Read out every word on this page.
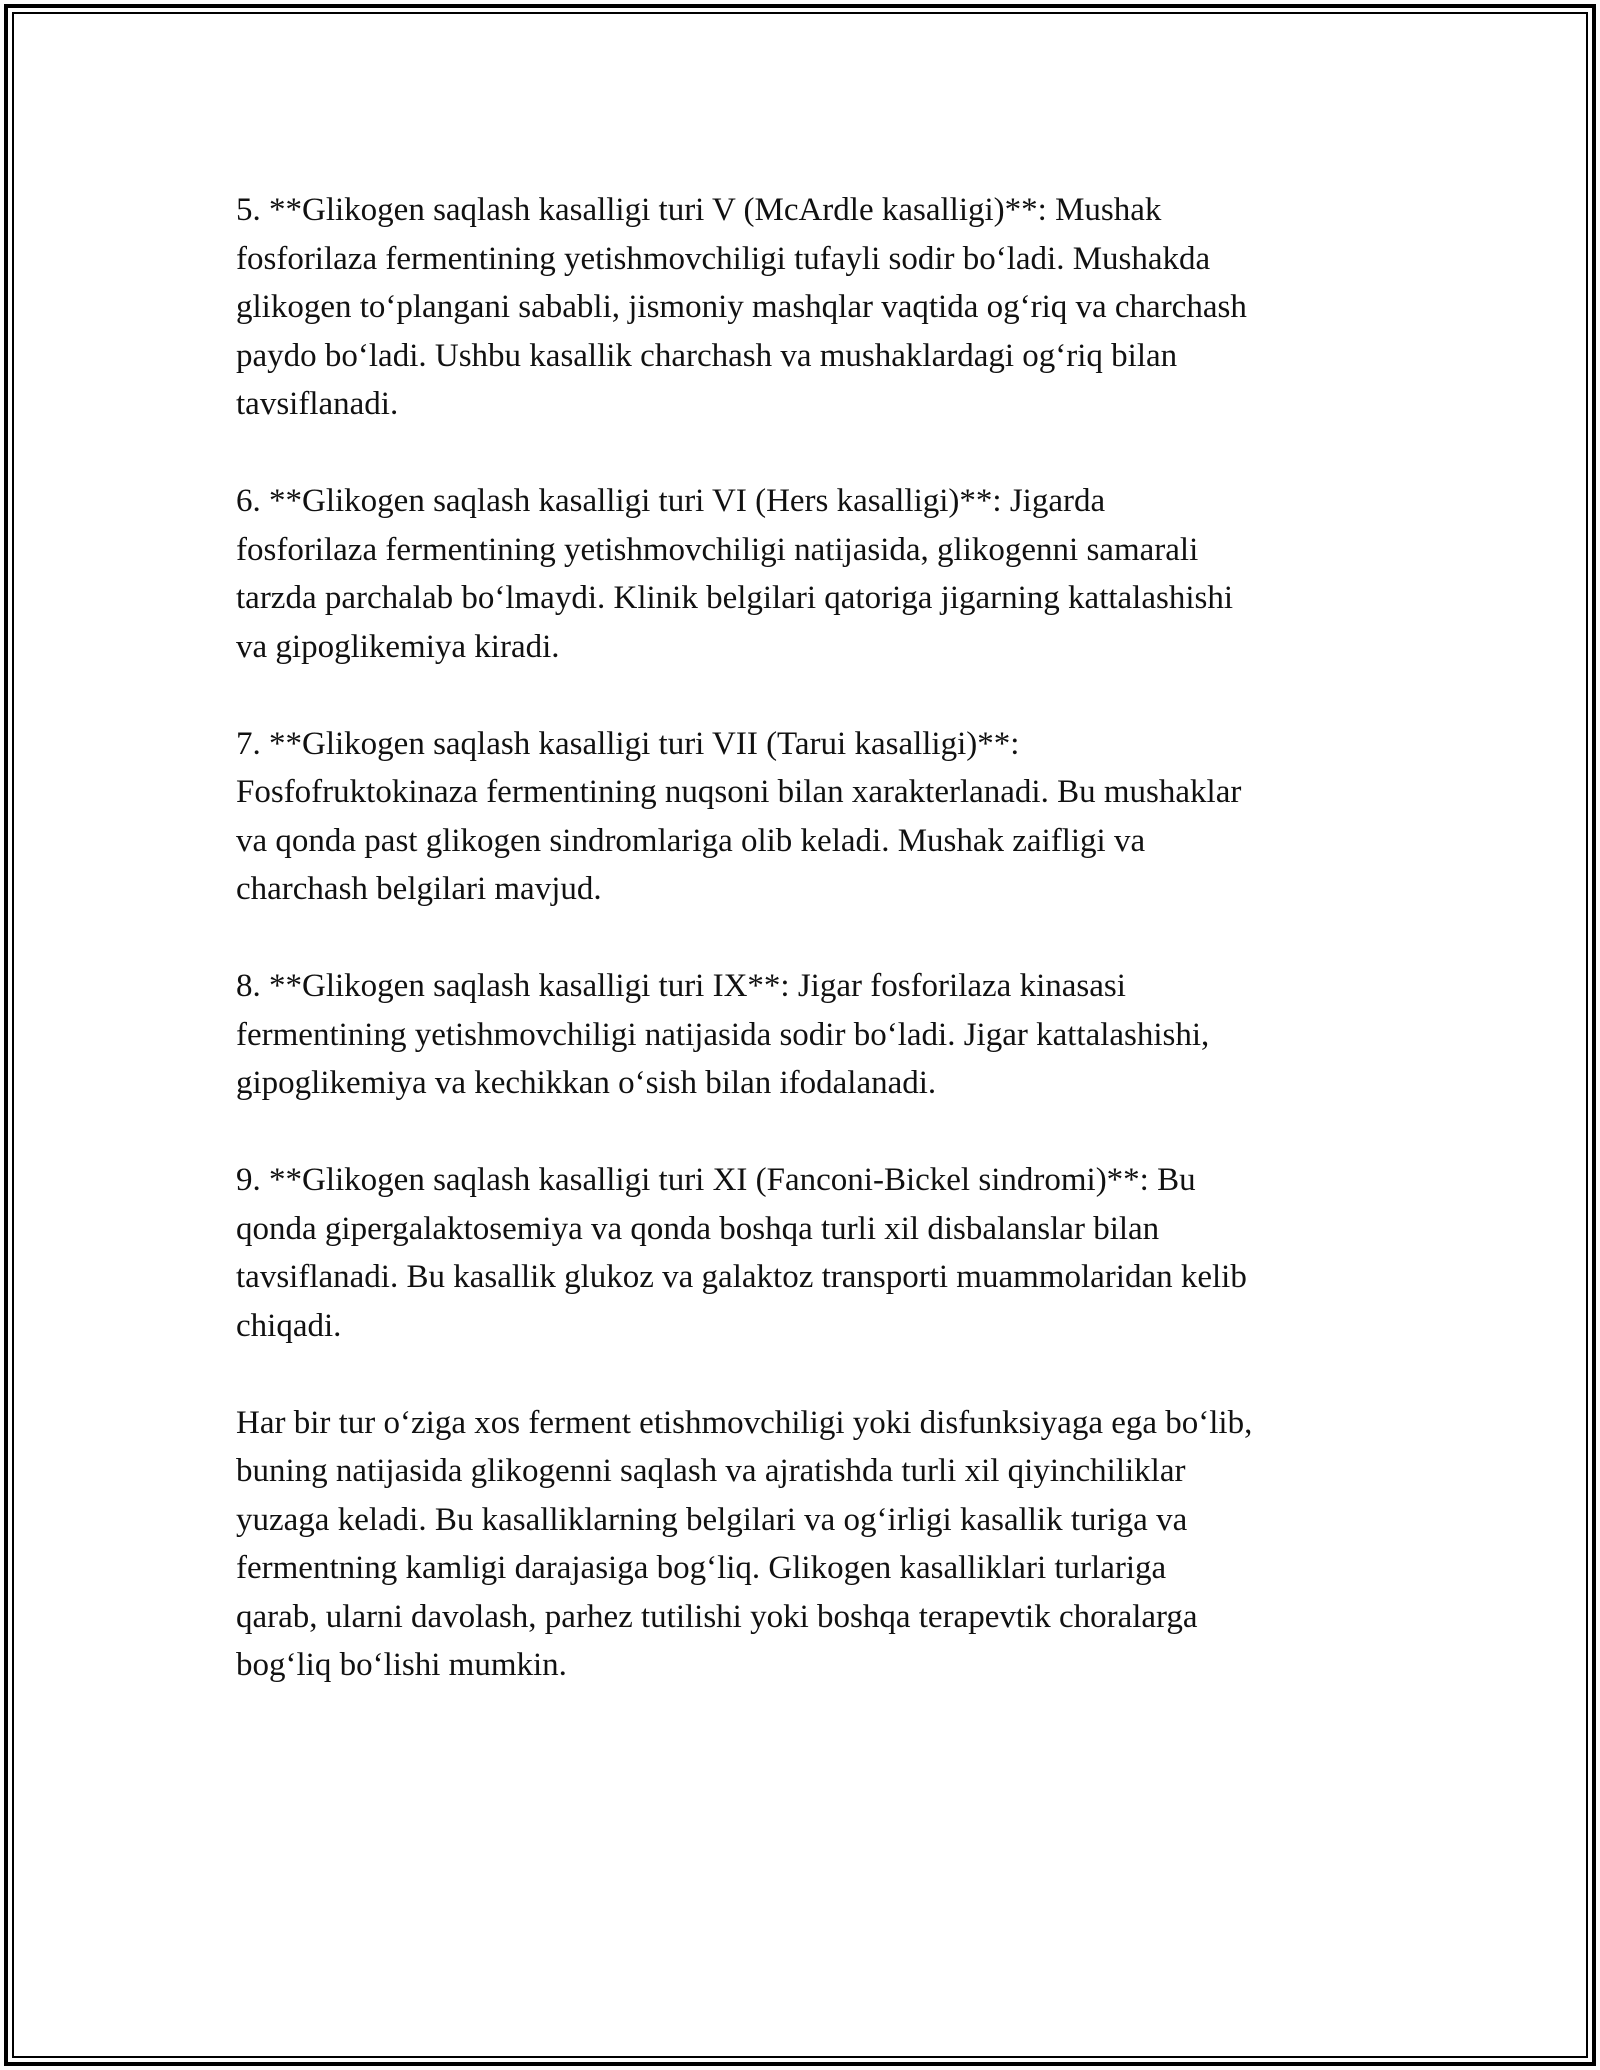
5. **Glikogen saqlash kasalligi turi V (McArdle kasalligi)**: Mushak
fosforilaza fermentining yetishmovchiligi tufayli sodir bo‘ladi. Mushakda
glikogen to‘plangani sababli, jismoniy mashqlar vaqtida og‘riq va charchash
paydo bo‘ladi. Ushbu kasallik charchash va mushaklardagi og‘riq bilan
tavsiflanadi.

6. **Glikogen saqlash kasalligi turi VI (Hers kasalligi)**: Jigarda
fosforilaza fermentining yetishmovchiligi natijasida, glikogenni samarali
tarzda parchalab bo‘lmaydi. Klinik belgilari qatoriga jigarning kattalashishi
va gipoglikemiya kiradi.

7. **Glikogen saqlash kasalligi turi VII (Tarui kasalligi)**:
Fosfofruktokinaza fermentining nuqsoni bilan xarakterlanadi. Bu mushaklar
va qonda past glikogen sindromlariga olib keladi. Mushak zaifligi va
charchash belgilari mavjud.

8. **Glikogen saqlash kasalligi turi IX**: Jigar fosforilaza kinasasi
fermentining yetishmovchiligi natijasida sodir bo‘ladi. Jigar kattalashishi,
gipoglikemiya va kechikkan o‘sish bilan ifodalanadi.

9. **Glikogen saqlash kasalligi turi XI (Fanconi-Bickel sindromi)**: Bu
qonda gipergalaktosemiya va qonda boshqa turli xil disbalanslar bilan
tavsiflanadi. Bu kasallik glukoz va galaktoz transporti muammolaridan kelib
chiqadi.

Har bir tur o‘ziga xos ferment etishmovchiligi yoki disfunksiyaga ega bo‘lib,
buning natijasida glikogenni saqlash va ajratishda turli xil qiyinchiliklar
yuzaga keladi. Bu kasalliklarning belgilari va og‘irligi kasallik turiga va
fermentning kamligi darajasiga bog‘liq. Glikogen kasalliklari turlariga
qarab, ularni davolash, parhez tutilishi yoki boshqa terapevtik choralarga
bog‘liq bo‘lishi mumkin.
